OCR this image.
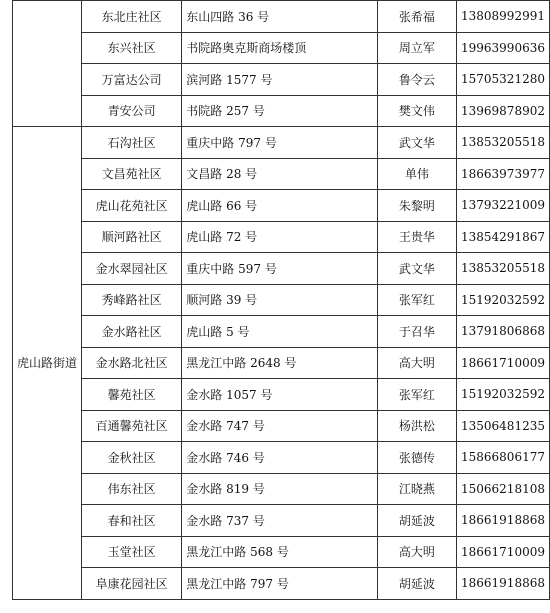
	东北庄社区	东山四路 36 号	张希福	13808992991
	东兴社区	书院路奥克斯商场楼顶	周立军	19963990636
	万富达公司	滨河路 1577 号	鲁令云	15705321280
	青安公司	书院路 257 号	樊文伟	13969878902
虎山路街道	石沟社区	重庆中路 797 号	武文华	13853205518
	文昌苑社区	文昌路 28 号	单伟	18663973977
	虎山花苑社区	虎山路 66 号	朱黎明	13793221009
	顺河路社区	虎山路 72 号	王贵华	13854291867
	金水翠园社区	重庆中路 597 号	武文华	13853205518
	秀峰路社区	顺河路 39 号	张军红	15192032592
	金水路社区	虎山路 5 号	于召华	13791806868
	金水路北社区	黑龙江中路 2648 号	高大明	18661710009
	馨苑社区	金水路 1057 号	张军红	15192032592
	百通馨苑社区	金水路 747 号	杨洪松	13506481235
	金秋社区	金水路 746 号	张德传	15866806177
	伟东社区	金水路 819 号	江晓燕	15066218108
	春和社区	金水路 737 号	胡延波	18661918868
	玉堂社区	黑龙江中路 568 号	高大明	18661710009
	阜康花园社区	黑龙江中路 797 号	胡延波	18661918868
